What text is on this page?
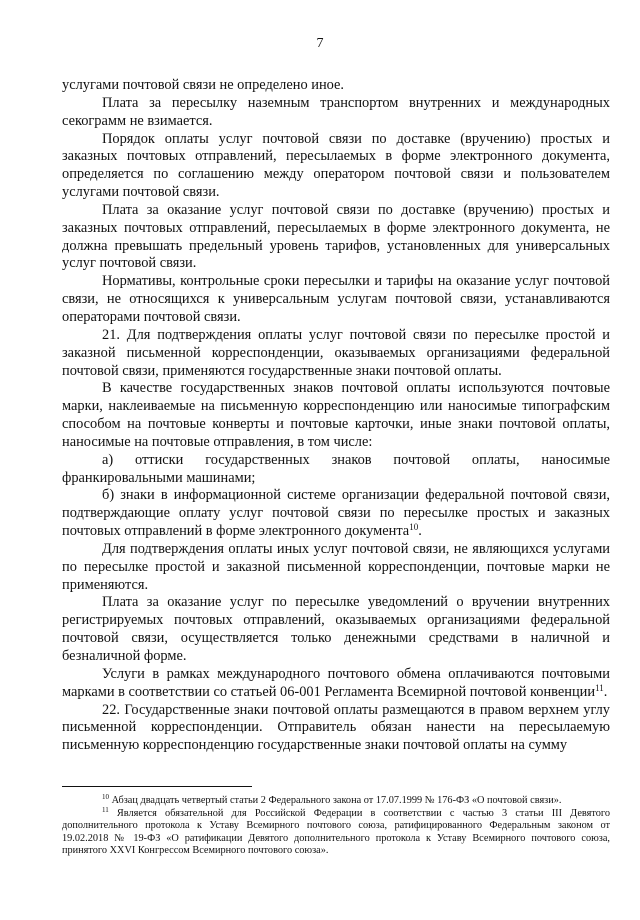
7

услугами почтовой связи не определено иное.

Плата за пересылку наземным транспортом внутренних и международных секограмм не взимается.

Порядок оплаты услуг почтовой связи по доставке (вручению) простых и заказных почтовых отправлений, пересылаемых в форме электронного документа, определяется по соглашению между оператором почтовой связи и пользователем услугами почтовой связи.

Плата за оказание услуг почтовой связи по доставке (вручению) простых и заказных почтовых отправлений, пересылаемых в форме электронного документа, не должна превышать предельный уровень тарифов, установленных для универсальных услуг почтовой связи.

Нормативы, контрольные сроки пересылки и тарифы на оказание услуг почтовой связи, не относящихся к универсальным услугам почтовой связи, устанавливаются операторами почтовой связи.

21. Для подтверждения оплаты услуг почтовой связи по пересылке простой и заказной письменной корреспонденции, оказываемых организациями федеральной почтовой связи, применяются государственные знаки почтовой оплаты.

В качестве государственных знаков почтовой оплаты используются почтовые марки, наклеиваемые на письменную корреспонденцию или наносимые типографским способом на почтовые конверты и почтовые карточки, иные знаки почтовой оплаты, наносимые на почтовые отправления, в том числе:

а) оттиски государственных знаков почтовой оплаты, наносимые франкировальными машинами;

б) знаки в информационной системе организации федеральной почтовой связи, подтверждающие оплату услуг почтовой связи по пересылке простых и заказных почтовых отправлений в форме электронного документа$^{10}$.

Для подтверждения оплаты иных услуг почтовой связи, не являющихся услугами по пересылке простой и заказной письменной корреспонденции, почтовые марки не применяются.

Плата за оказание услуг по пересылке уведомлений о вручении внутренних регистрируемых почтовых отправлений, оказываемых организациями федеральной почтовой связи, осуществляется только денежными средствами в наличной и безналичной форме.

Услуги в рамках международного почтового обмена оплачиваются почтовыми марками в соответствии со статьей 06-001 Регламента Всемирной почтовой конвенции$^{11}$.

22. Государственные знаки почтовой оплаты размещаются в правом верхнем углу письменной корреспонденции. Отправитель обязан нанести на пересылаемую письменную корреспонденцию государственные знаки почтовой оплаты на сумму

$^{10}$ Абзац двадцать четвертый статьи 2 Федерального закона от 17.07.1999 № 176-ФЗ «О почтовой связи».

$^{11}$ Является обязательной для Российской Федерации в соответствии с частью 3 статьи III Девятого дополнительного протокола к Уставу Всемирного почтового союза, ратифицированного Федеральным законом от 19.02.2018 № 19-ФЗ «О ратификации Девятого дополнительного протокола к Уставу Всемирного почтового союза, принятого XXVI Конгрессом Всемирного почтового союза».
